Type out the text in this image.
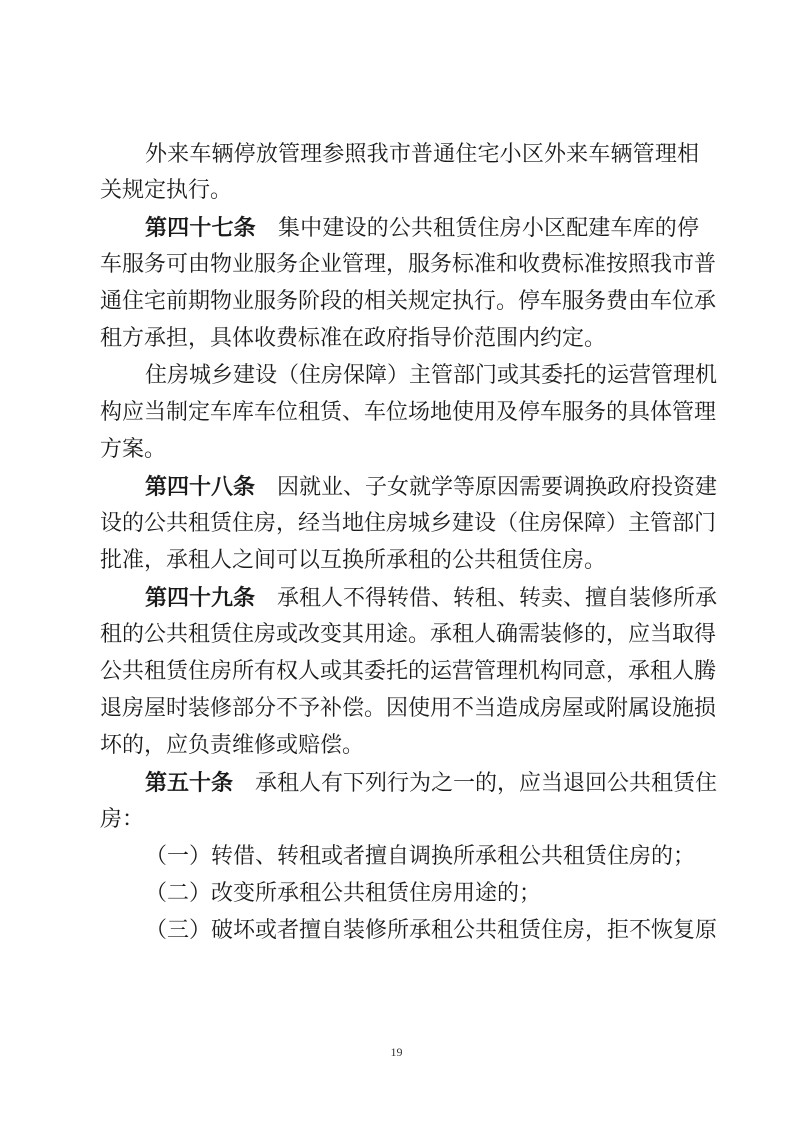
外来车辆停放管理参照我市普通住宅小区外来车辆管理相
关规定执行。
第四十七条 集中建设的公共租赁住房小区配建车库的停
车服务可由物业服务企业管理，服务标准和收费标准按照我市普
通住宅前期物业服务阶段的相关规定执行。停车服务费由车位承
租方承担，具体收费标准在政府指导价范围内约定。
住房城乡建设（住房保障）主管部门或其委托的运营管理机
构应当制定车库车位租赁、车位场地使用及停车服务的具体管理
方案。
第四十八条 因就业、子女就学等原因需要调换政府投资建
设的公共租赁住房，经当地住房城乡建设（住房保障）主管部门
批准，承租人之间可以互换所承租的公共租赁住房。
第四十九条 承租人不得转借、转租、转卖、擅自装修所承
租的公共租赁住房或改变其用途。承租人确需装修的，应当取得
公共租赁住房所有权人或其委托的运营管理机构同意，承租人腾
退房屋时装修部分不予补偿。因使用不当造成房屋或附属设施损
坏的，应负责维修或赔偿。
第五十条 承租人有下列行为之一的，应当退回公共租赁住
房：
（一）转借、转租或者擅自调换所承租公共租赁住房的；
（二）改变所承租公共租赁住房用途的；
（三）破坏或者擅自装修所承租公共租赁住房，拒不恢复原
19
